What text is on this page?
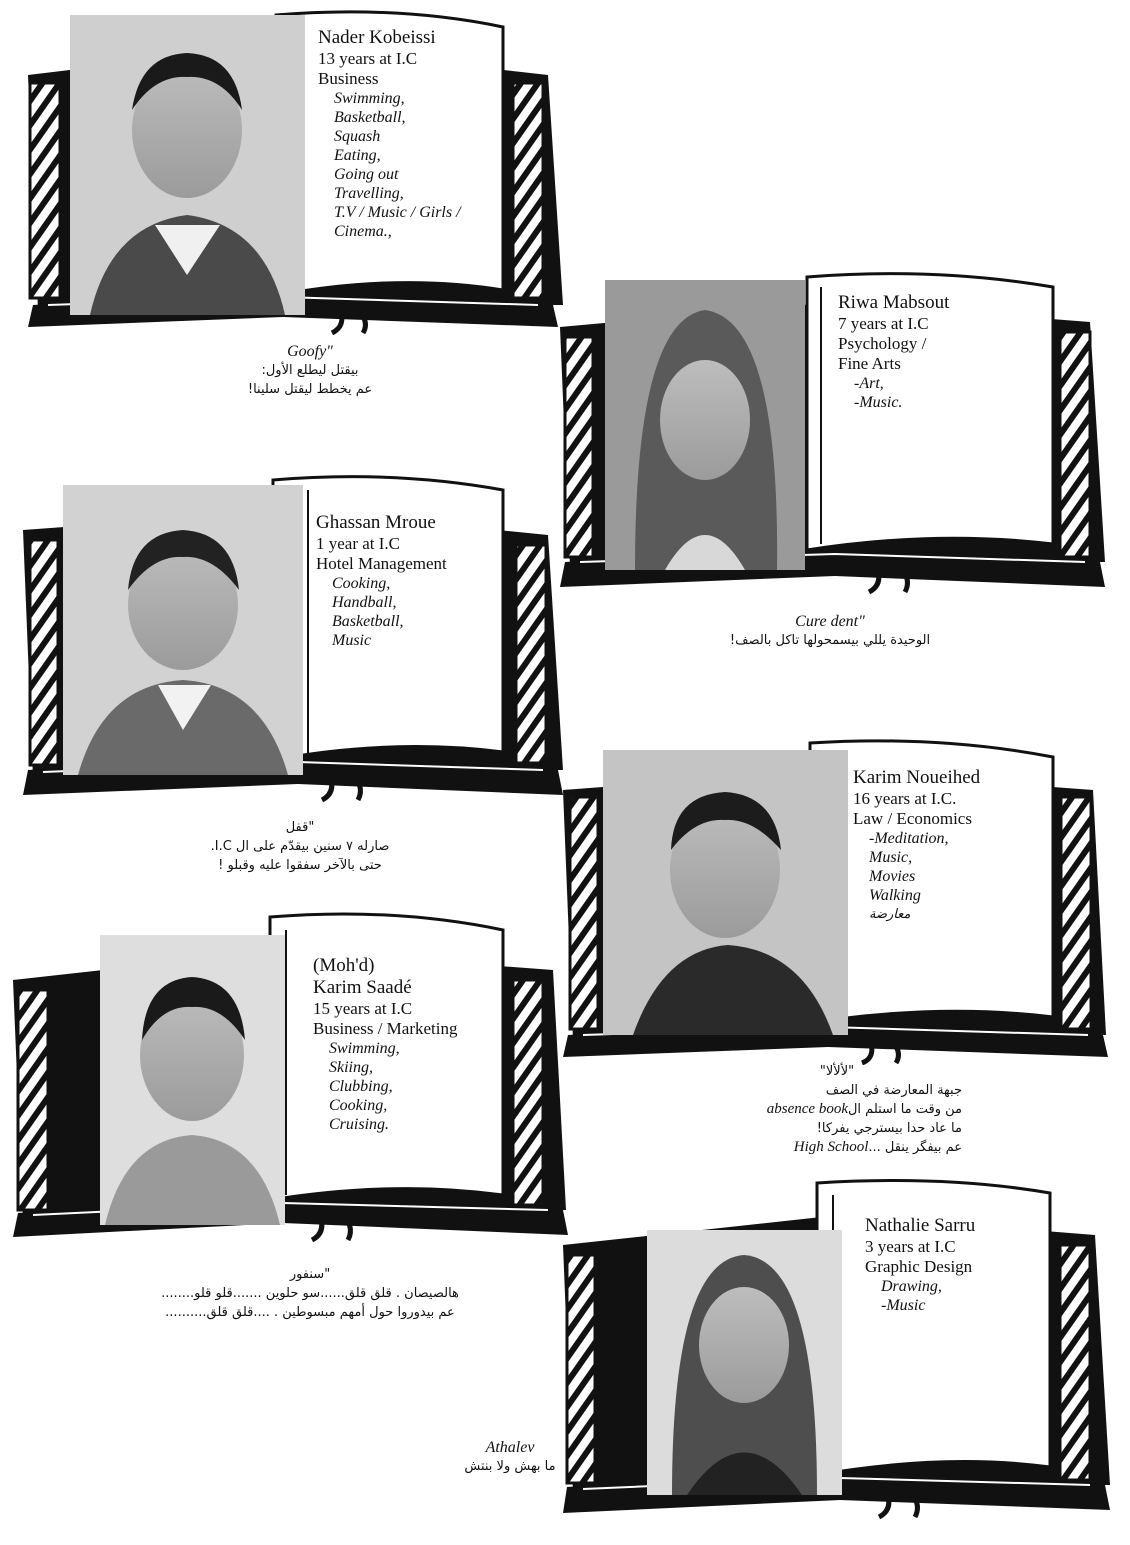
Nader Kobeissi
13 years at I.C
Business
Swimming,
Basketball,
Squash
Eating,
Going out
Travelling,
T.V / Music / Girls /
Cinema.,
Goofy"
بيقتل ليطلع الأول:
عم يخطط ليقتل سلينا!
Riwa Mabsout
7 years at I.C
Psychology /
Fine Arts
-Art,
-Music.
Cure dent"
الوحيدة يللي بيسمحولها تاكل بالصف!
Ghassan Mroue
1 year at I.C
Hotel Management
Cooking,
Handball,
Basketball,
Music
"قفل
صارله ٧ سنين بيقدّم على ال I.C.
حتى بالآخر سفقوا عليه وقبلو !
Karim Noueihed
16 years at I.C.
Law / Economics
-Meditation,
Music,
Movies
Walking
معارضة
"لألألا"
جبهة المعارضة في الصف
absence bookمن وقت ما استلم ال
ما عاد حدا بيسترجي يفركا!
High School... عم بيفگر ينقل
(Moh'd)
Karim Saadé
15 years at I.C
Business / Marketing
Swimming,
Skiing,
Clubbing,
Cooking,
Cruising.
"سنفور
هالصيصان . قلق قلق......سو حلوين .......قلو قلو........
عم بيدوروا حول أمهم مبسوطين . ....قلق قلق..........
Nathalie Sarru
3 years at I.C
Graphic Design
Drawing,
-Music
Athalev
ما بهش ولا بنتش
